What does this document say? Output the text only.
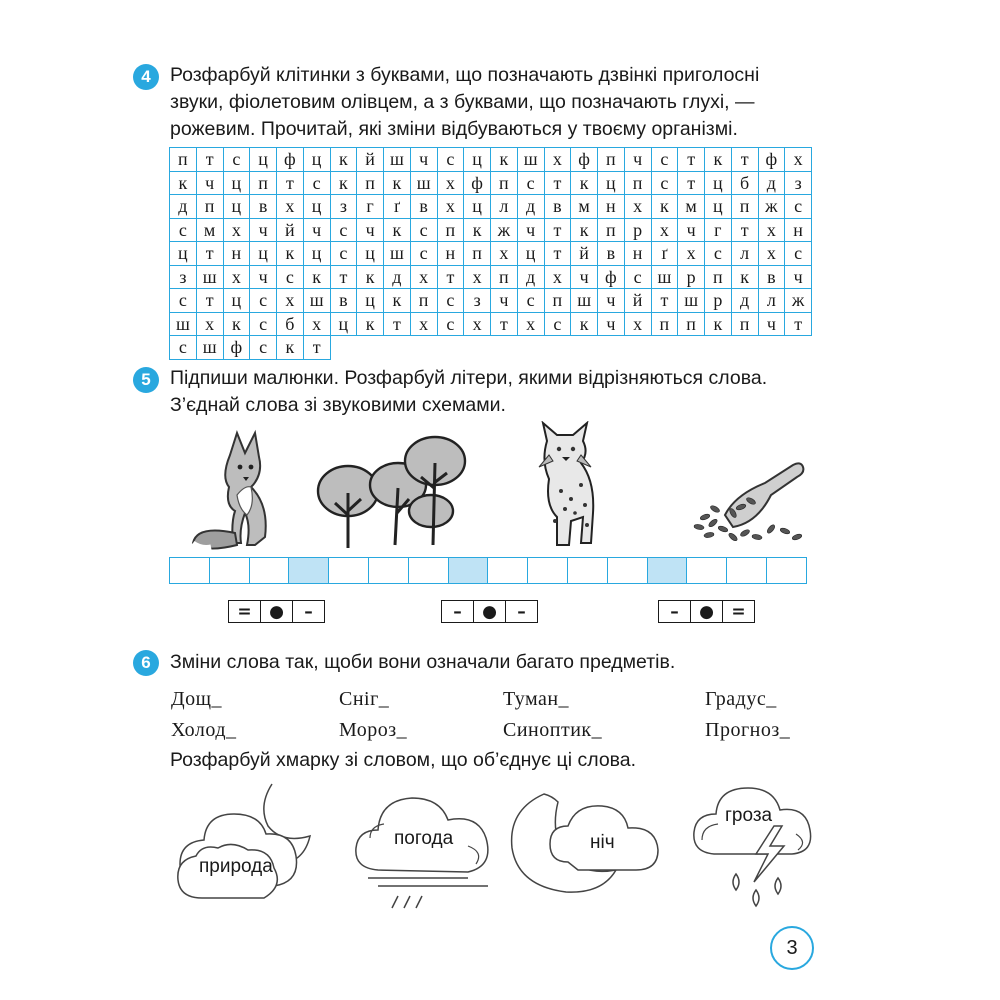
4 Розфарбуй клітинки з буквами, що позначають дзвінкі приголосні
звуки, фіолетовим олівцем, а з буквами, що позначають глухі, —
рожевим. Прочитай, які зміни відбуваються у твоєму організмі.
п	т	с ц ф ц к й ш ч	с ц к ш х ф п ч	с	т	к	т ф х
к ч ц п	т	с	к п к ш х ф п с	т	к ц п с	т ц б д	з
д п ц в	х ц	з	г	ґ	в	х ц л д в м н х к м ц п ж с
с м х ч й ч	с	ч к	с п к ж ч	т	к п р х ч	г	т	х н
ц	т н ц к ц с ц ш с н п х ц	т й в н	ґ	х	с	л х	с
з ш х ч	с	к	т	к д х	т	х п д х ч ф с ш р п к	в ч
с	т ц с	х ш в ц к п с	з	ч	с п ш ч й	т ш р д л ж
ш х к	с	б х ц к	т	х	с	х	т	х	с	к ч х п п к п ч	т
с ш ф с	к	т
5 Підпиши малюнки. Розфарбуй літери, якими відрізняються слова.
З’єднай слова зі звуковими схемами.
=	●	–	–	●	–	–	●	=
6 Зміни слова так, щоби вони означали багато предметів.
Дощ_	Сніг_	Туман_	Градус_
Холод_	Мороз_	Синоптик_	Прогноз_
Розфарбуй хмарку зі словом, що об’єднує ці слова.
природа
погода	ніч
гроза
3
